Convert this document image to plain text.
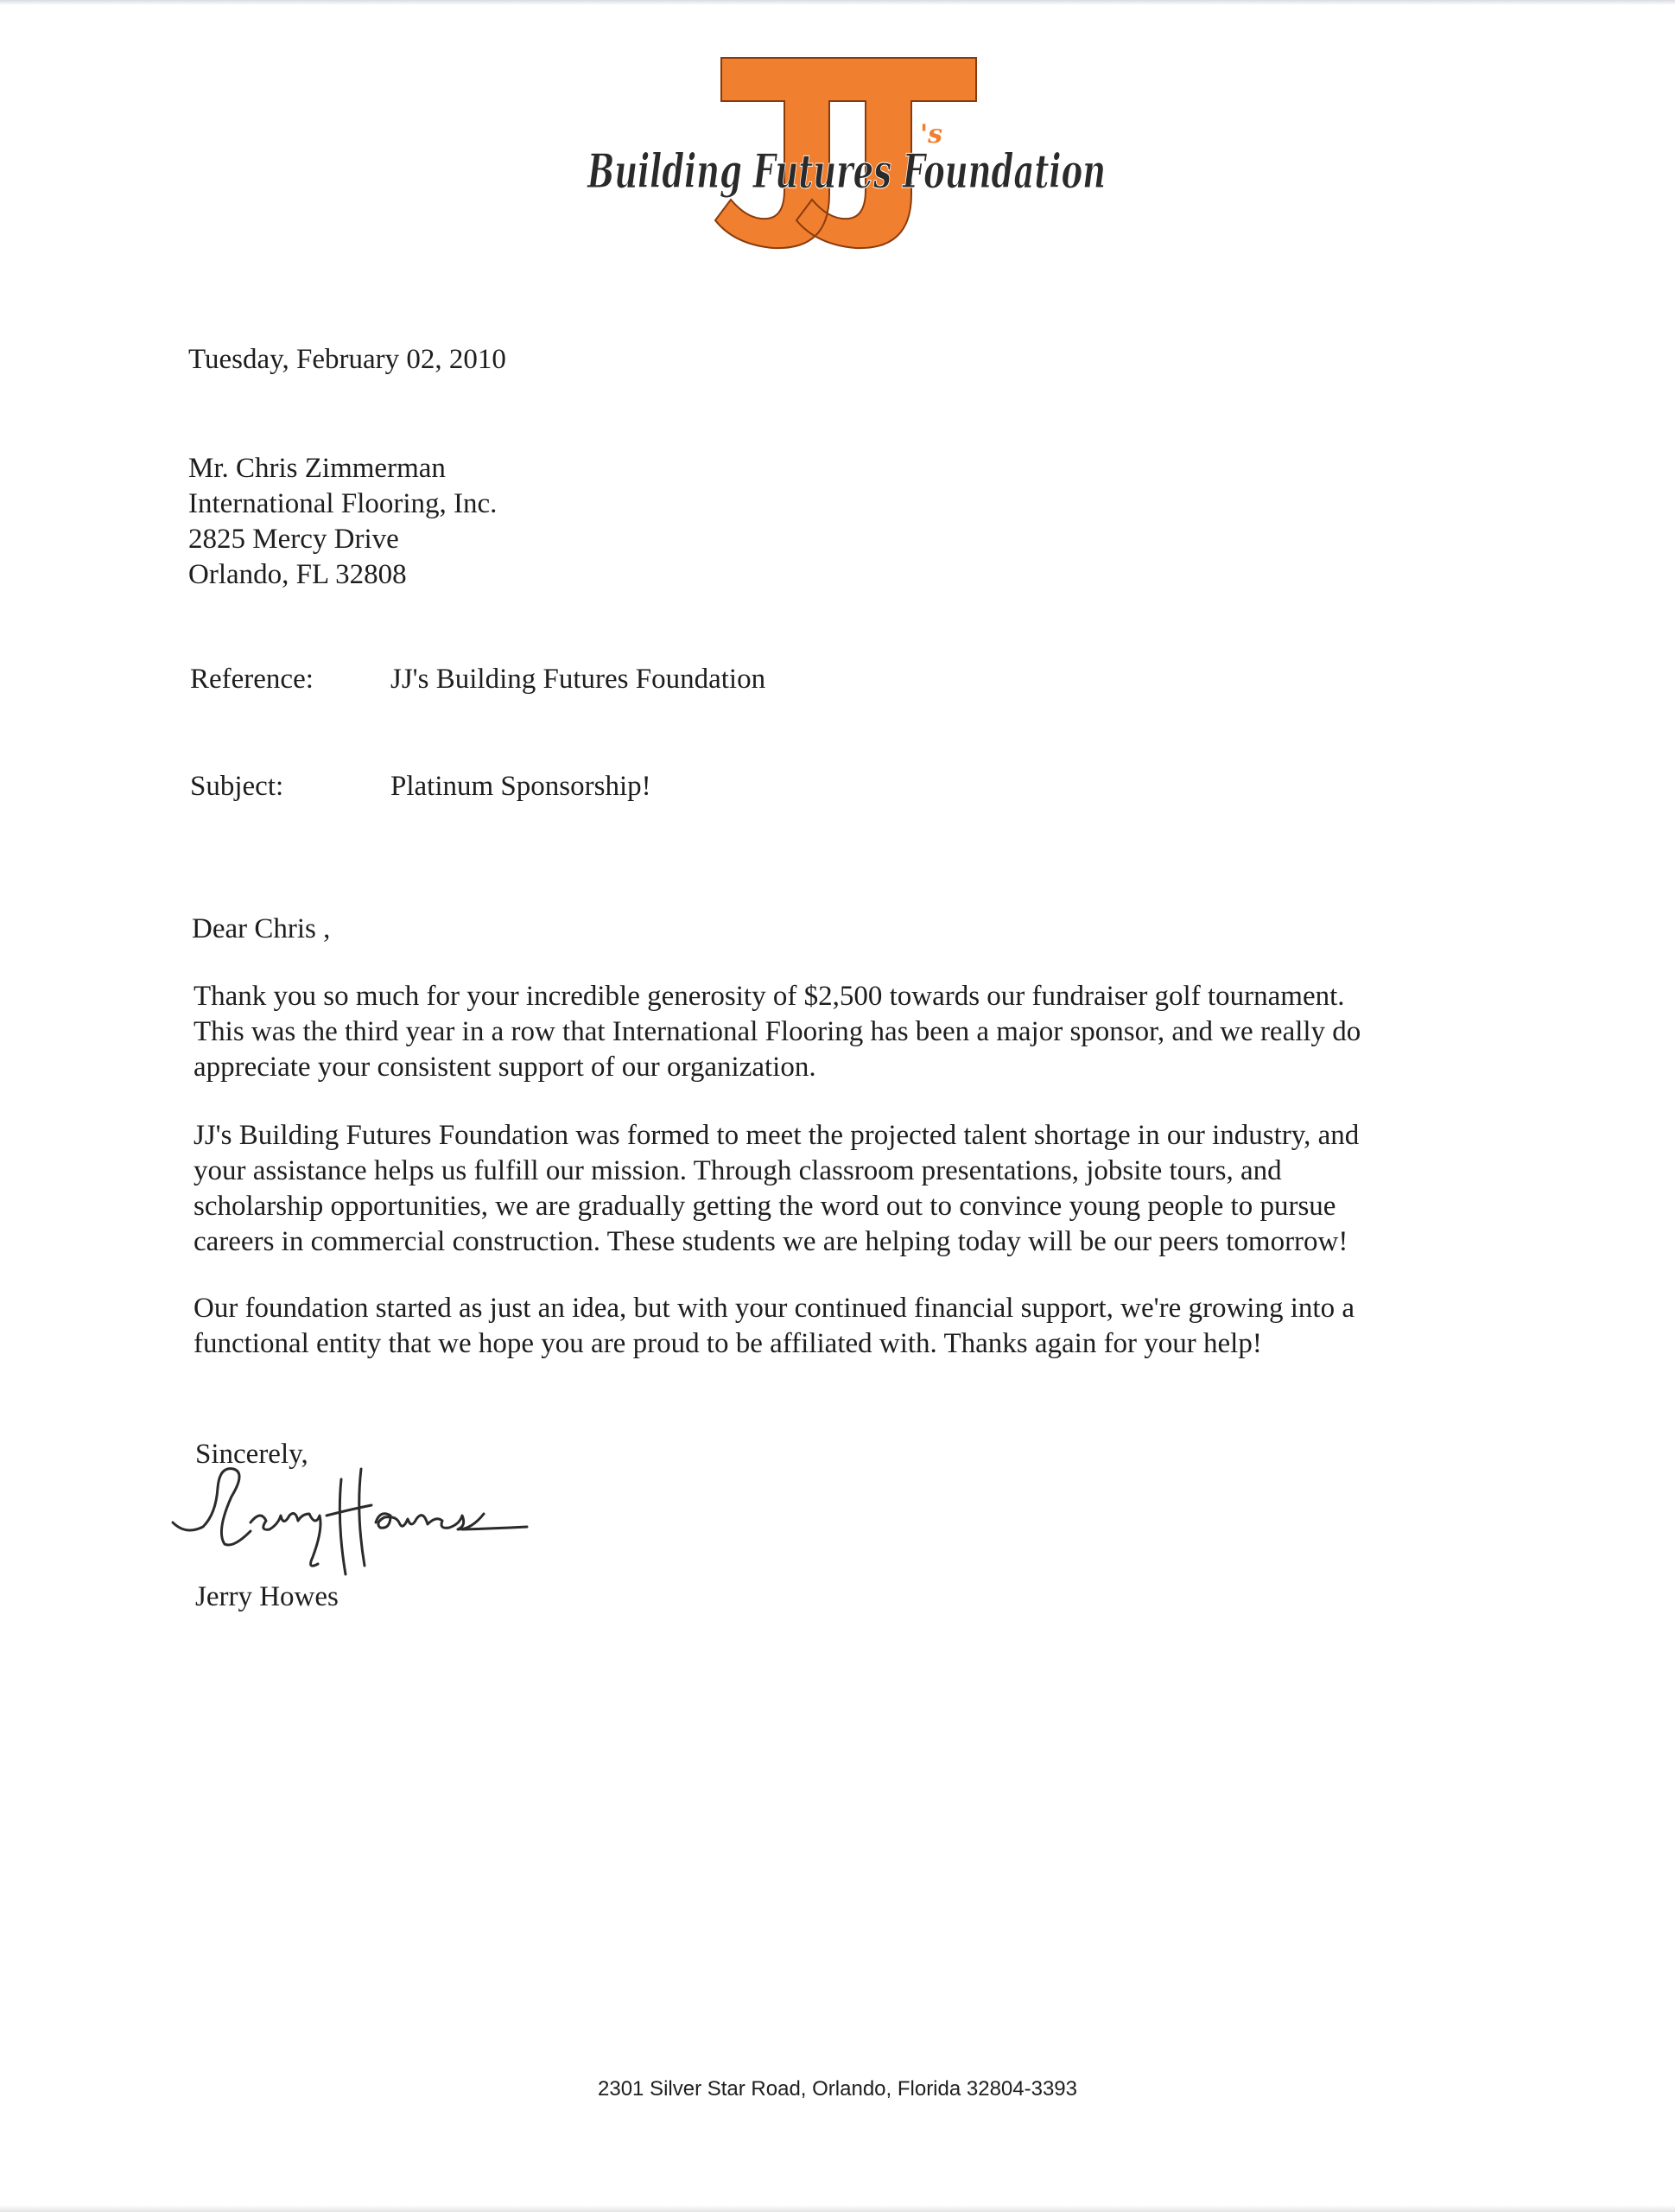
's
Building Futures Foundation
Tuesday, February 02, 2010
Mr. Chris Zimmerman
International Flooring, Inc.
2825 Mercy Drive
Orlando, FL 32808
Reference:	JJ's Building Futures Foundation
Subject:	Platinum Sponsorship!
Dear Chris ,
Thank you so much for your incredible generosity of $2,500 towards our fundraiser golf tournament.
This was the third year in a row that International Flooring has been a major sponsor, and we really do
appreciate your consistent support of our organization.
JJ's Building Futures Foundation was formed to meet the projected talent shortage in our industry, and
your assistance helps us fulfill our mission. Through classroom presentations, jobsite tours, and
scholarship opportunities, we are gradually getting the word out to convince young people to pursue
careers in commercial construction. These students we are helping today will be our peers tomorrow!
Our foundation started as just an idea, but with your continued financial support, we're growing into a
functional entity that we hope you are proud to be affiliated with. Thanks again for your help!
Sincerely,
Jerry Howes
2301 Silver Star Road, Orlando, Florida 32804-3393
